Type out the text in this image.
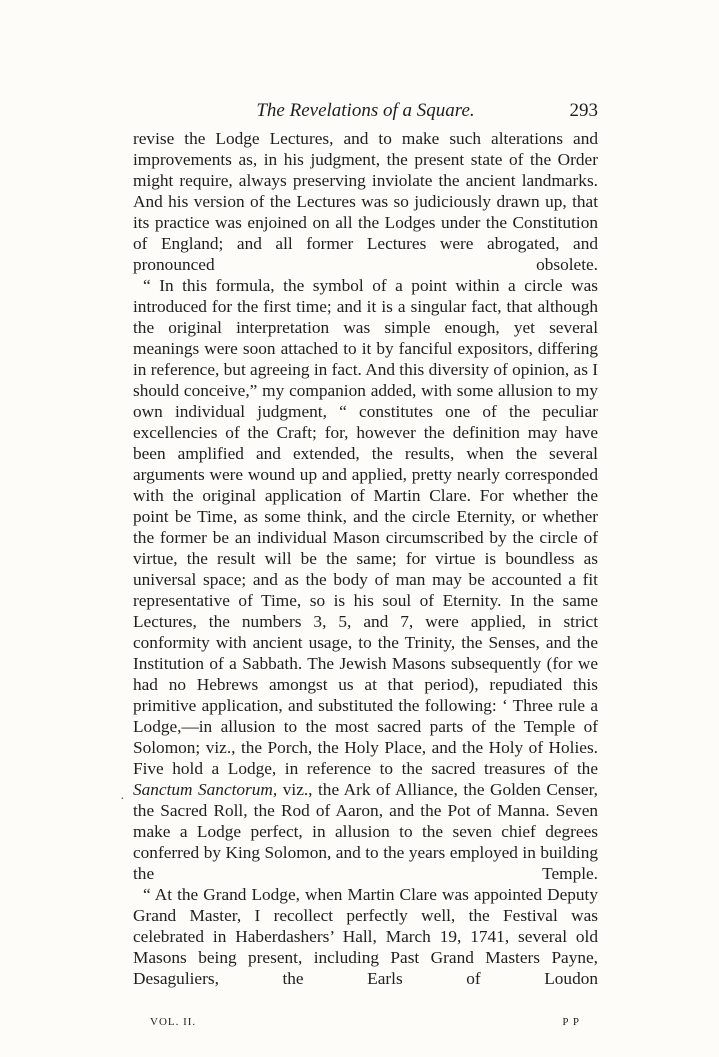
The Revelations of a Square.	293

revise the Lodge Lectures, and to make such alterations and improvements as, in his judgment, the present state of the Order might require, always preserving inviolate the ancient landmarks. And his version of the Lectures was so judiciously drawn up, that its practice was enjoined on all the Lodges under the Constitution of England; and all former Lectures were abrogated, and pronounced obsolete.

“ In this formula, the symbol of a point within a circle was introduced for the first time; and it is a singular fact, that although the original interpretation was simple enough, yet several meanings were soon attached to it by fanciful expositors, differing in reference, but agreeing in fact. And this diversity of opinion, as I should conceive,” my companion added, with some allusion to my own individual judgment, “ constitutes one of the peculiar excellencies of the Craft; for, however the definition may have been amplified and extended, the results, when the several arguments were wound up and applied, pretty nearly corresponded with the original application of Martin Clare. For whether the point be Time, as some think, and the circle Eternity, or whether the former be an individual Mason circumscribed by the circle of virtue, the result will be the same; for virtue is boundless as universal space; and as the body of man may be accounted a fit representative of Time, so is his soul of Eternity. In the same Lectures, the numbers 3, 5, and 7, were applied, in strict conformity with ancient usage, to the Trinity, the Senses, and the Institution of a Sabbath. The Jewish Masons subsequently (for we had no Hebrews amongst us at that period), repudiated this primitive application, and substituted the following: ‘ Three rule a Lodge,—in allusion to the most sacred parts of the Temple of Solomon; viz., the Porch, the Holy Place, and the Holy of Holies. Five hold a Lodge, in reference to the sacred treasures of the Sanctum Sanctorum, viz., the Ark of Alliance, the Golden Censer, the Sacred Roll, the Rod of Aaron, and the Pot of Manna. Seven make a Lodge perfect, in allusion to the seven chief degrees conferred by King Solomon, and to the years employed in building the Temple.

“ At the Grand Lodge, when Martin Clare was appointed Deputy Grand Master, I recollect perfectly well, the Festival was celebrated in Haberdashers’ Hall, March 19, 1741, several old Masons being present, including Past Grand Masters Payne, Desaguliers, the Earls of Loudon

·
VOL. II.	P P
